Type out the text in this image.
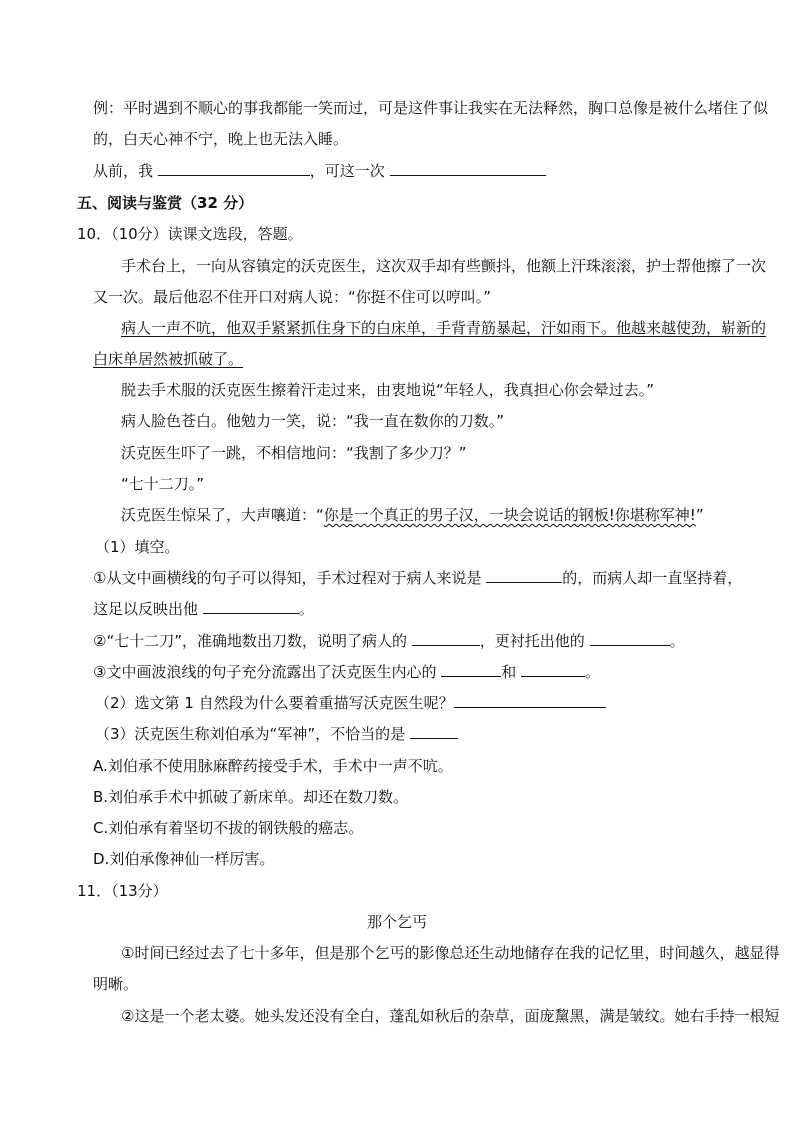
例：平时遇到不顺心的事我都能一笑而过，可是这件事让我实在无法释然，胸口总像是被什么堵住了似
的，白天心神不宁，晚上也无法入睡。
从前，我	，可这一次
五、阅读与鉴赏（32 分）
10．（10分）读课文选段，答题。
手术台上，一向从容镇定的沃克医生，这次双手却有些颤抖，他额上汗珠滚滚，护士帮他擦了一次
又一次。最后他忍不住开口对病人说：“你挺不住可以哼叫。”
病人一声不吭，他双手紧紧抓住身下的白床单，手背青筋暴起，汗如雨下。他越来越使劲，崭新的
白床单居然被抓破了。
脱去手术服的沃克医生擦着汗走过来，由衷地说“年轻人，我真担心你会晕过去。”
病人脸色苍白。他勉力一笑，说：“我一直在数你的刀数。”
沃克医生吓了一跳，不相信地问：“我割了多少刀？”
“七十二刀。”
沃克医生惊呆了，大声嚷道：“你是一个真正的男子汉，一块会说话的钢板!你堪称军神!”
（1）填空。
①从文中画横线的句子可以得知，手术过程对于病人来说是	的，而病人却一直坚持着，
这足以反映出他	。
②“七十二刀”，准确地数出刀数，说明了病人的	，更衬托出他的	。
③文中画波浪线的句子充分流露出了沃克医生内心的	和	。
（2）选文第 1 自然段为什么要着重描写沃克医生呢？
（3）沃克医生称刘伯承为“军神”，不恰当的是
A.刘伯承不使用脉麻醉药接受手术，手术中一声不吭。
B.刘伯承手术中抓破了新床单。却还在数刀数。
C.刘伯承有着坚切不拔的钢铁般的癌志。
D.刘伯承像神仙一样厉害。
11．（13分）
那个乞丐
①时间已经过去了七十多年，但是那个乞丐的影像总还生动地储存在我的记忆里，时间越久，越显得
明晰。
②这是一个老太婆。她头发还没有全白，蓬乱如秋后的杂草，面庞黧黑，满是皱纹。她右手持一根短
